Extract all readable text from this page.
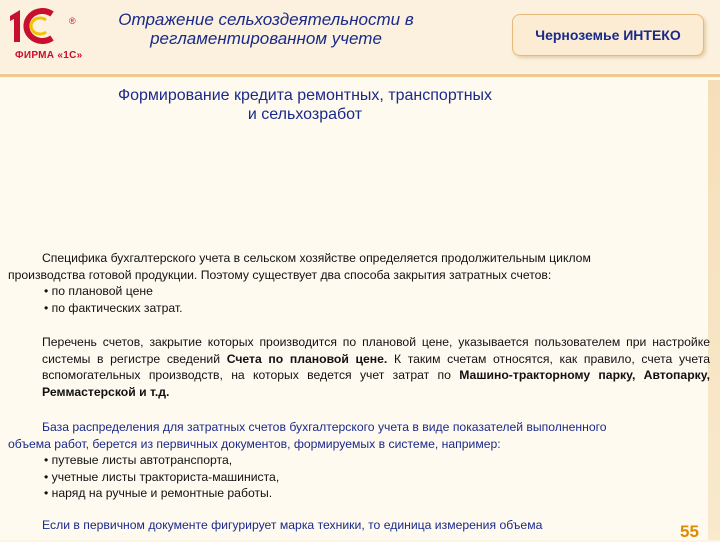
®
ФИРМА «1С»
Отражение сельхоздеятельности в
регламентированном учете	Черноземье ИНТЕКО
Формирование кредита ремонтных, транспортных
и сельхозработ

Специфика бухгалтерского учета в сельском хозяйстве определяется продолжительным циклом

производства готовой продукции. Поэтому существует два способа закрытия затратных счетов:

• по плановой цене

• по фактических затрат.

Перечень счетов, закрытие которых производится по плановой цене, указывается пользователем при настройке системы в регистре сведений Счета по плановой цене. К таким счетам относятся, как правило, счета учета вспомогательных производств, на которых ведется учет затрат по Машино-тракторному парку, Автопарку, Реммастерской и т.д.

База распределения для затратных счетов бухгалтерского учета в виде показателей выполненного

объема работ, берется из первичных документов, формируемых в системе, например:

• путевые листы автотранспорта,

• учетные листы тракториста-машиниста,

• наряд на ручные и ремонтные работы.

Если в первичном документе фигурирует марка техники, то единица измерения объема	55
